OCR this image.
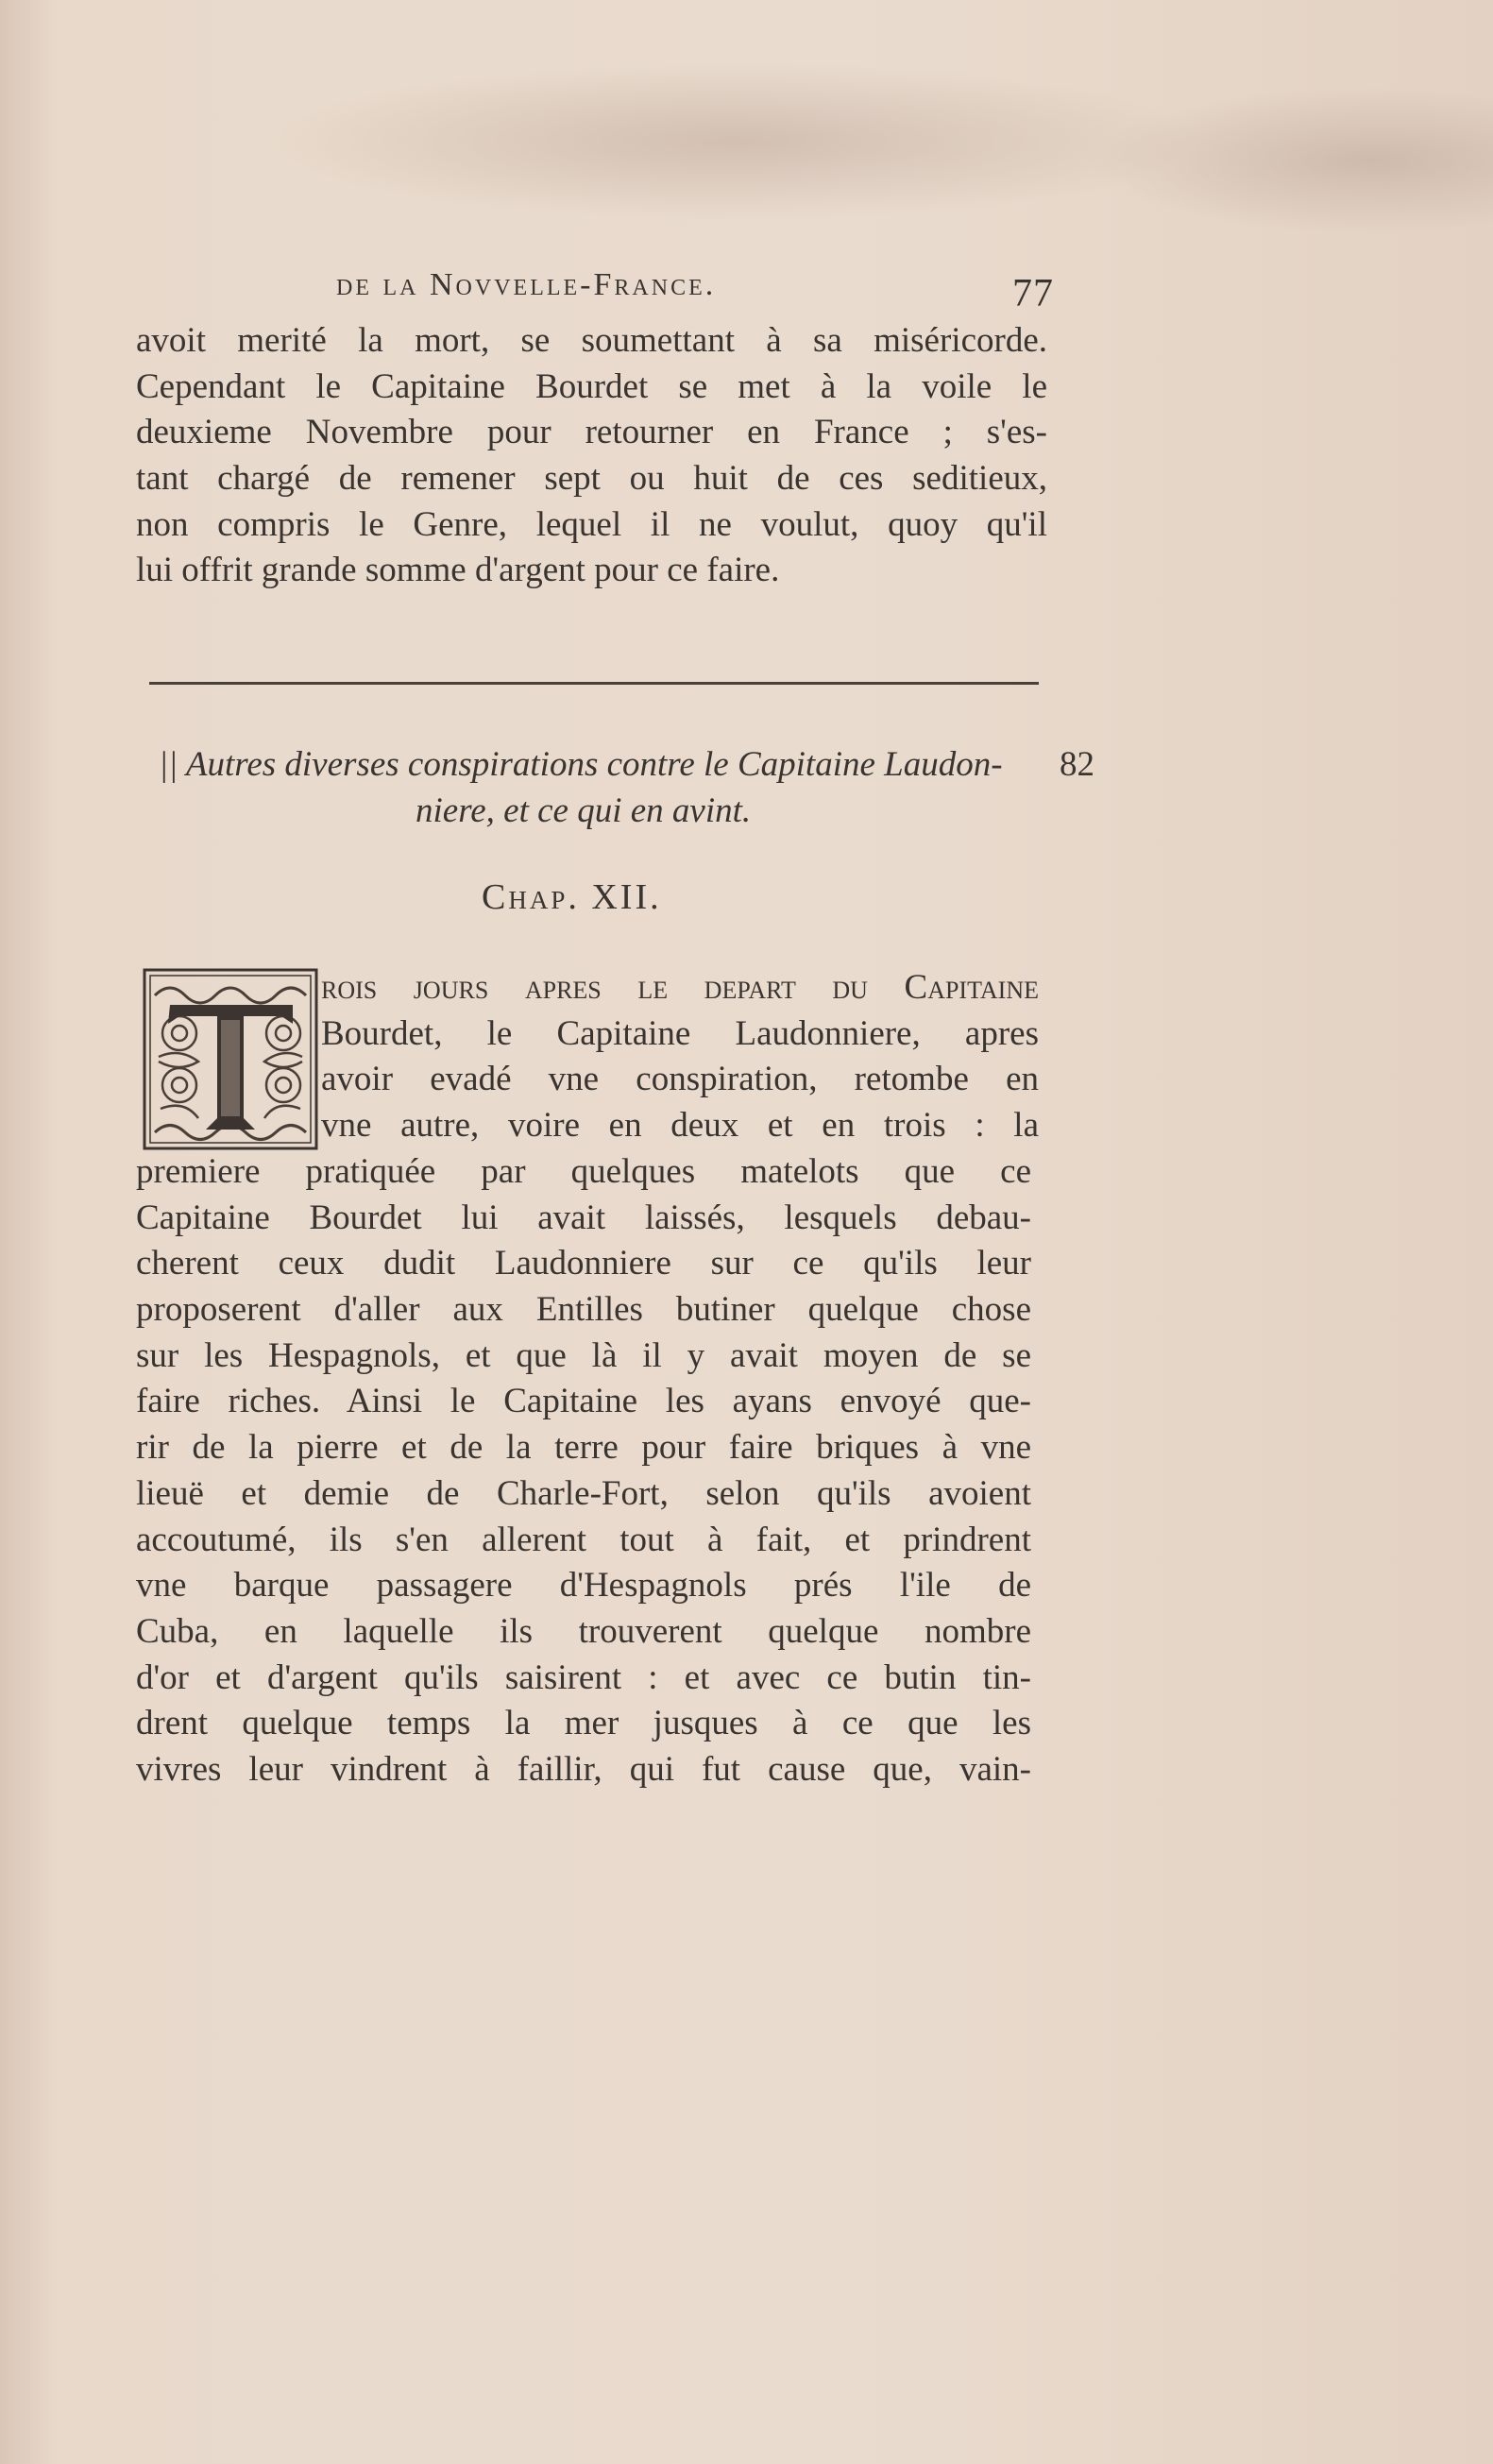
de la Novvelle-France.	77
avoit merité la mort, se soumettant à sa miséricorde.
Cependant le Capitaine Bourdet se met à la voile le
deuxieme Novembre pour retourner en France ; s'es-
tant chargé de remener sept ou huit de ces seditieux,
non compris le Genre, lequel il ne voulut, quoy qu'il
lui offrit grande somme d'argent pour ce faire.
|| Autres diverses conspirations contre le Capitaine Laudon-
niere, et ce qui en avint.
82
Chap. XII.
rois jours apres le depart du Capitaine
Bourdet, le Capitaine Laudonniere, apres
avoir evadé vne conspiration, retombe en
vne autre, voire en deux et en trois : la
premiere pratiquée par quelques matelots que ce
Capitaine Bourdet lui avait laissés, lesquels debau-
cherent ceux dudit Laudonniere sur ce qu'ils leur
proposerent d'aller aux Entilles butiner quelque chose
sur les Hespagnols, et que là il y avait moyen de se
faire riches. Ainsi le Capitaine les ayans envoyé que-
rir de la pierre et de la terre pour faire briques à vne
lieuë et demie de Charle-Fort, selon qu'ils avoient
accoutumé, ils s'en allerent tout à fait, et prindrent
vne barque passagere d'Hespagnols prés l'ile de
Cuba, en laquelle ils trouverent quelque nombre
d'or et d'argent qu'ils saisirent : et avec ce butin tin-
drent quelque temps la mer jusques à ce que les
vivres leur vindrent à faillir, qui fut cause que, vain-
